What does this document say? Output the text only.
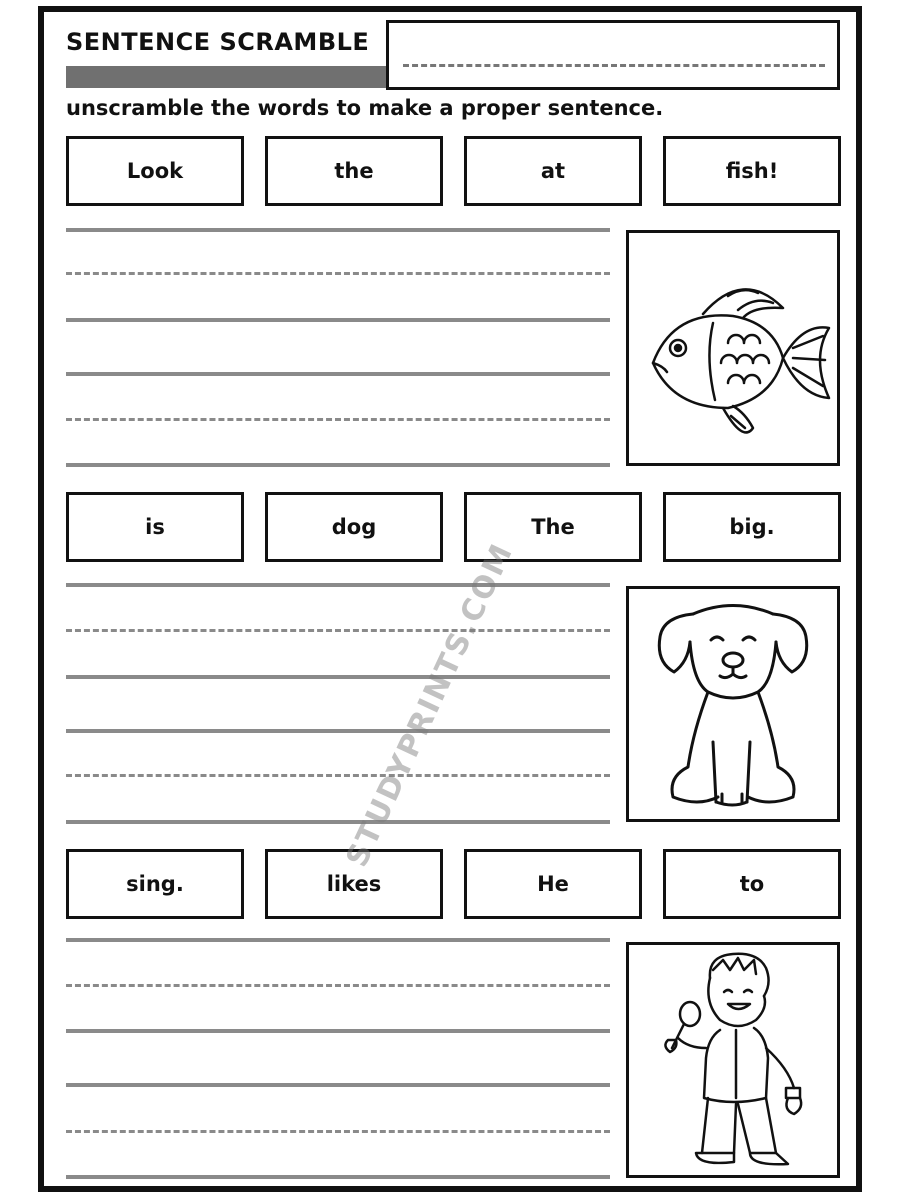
SENTENCE SCRAMBLE
unscramble the words to make a proper sentence.
Look	the	at	fish!
is	dog	The	big.
sing.	likes	He	to
STUDYPRINTS.COM
